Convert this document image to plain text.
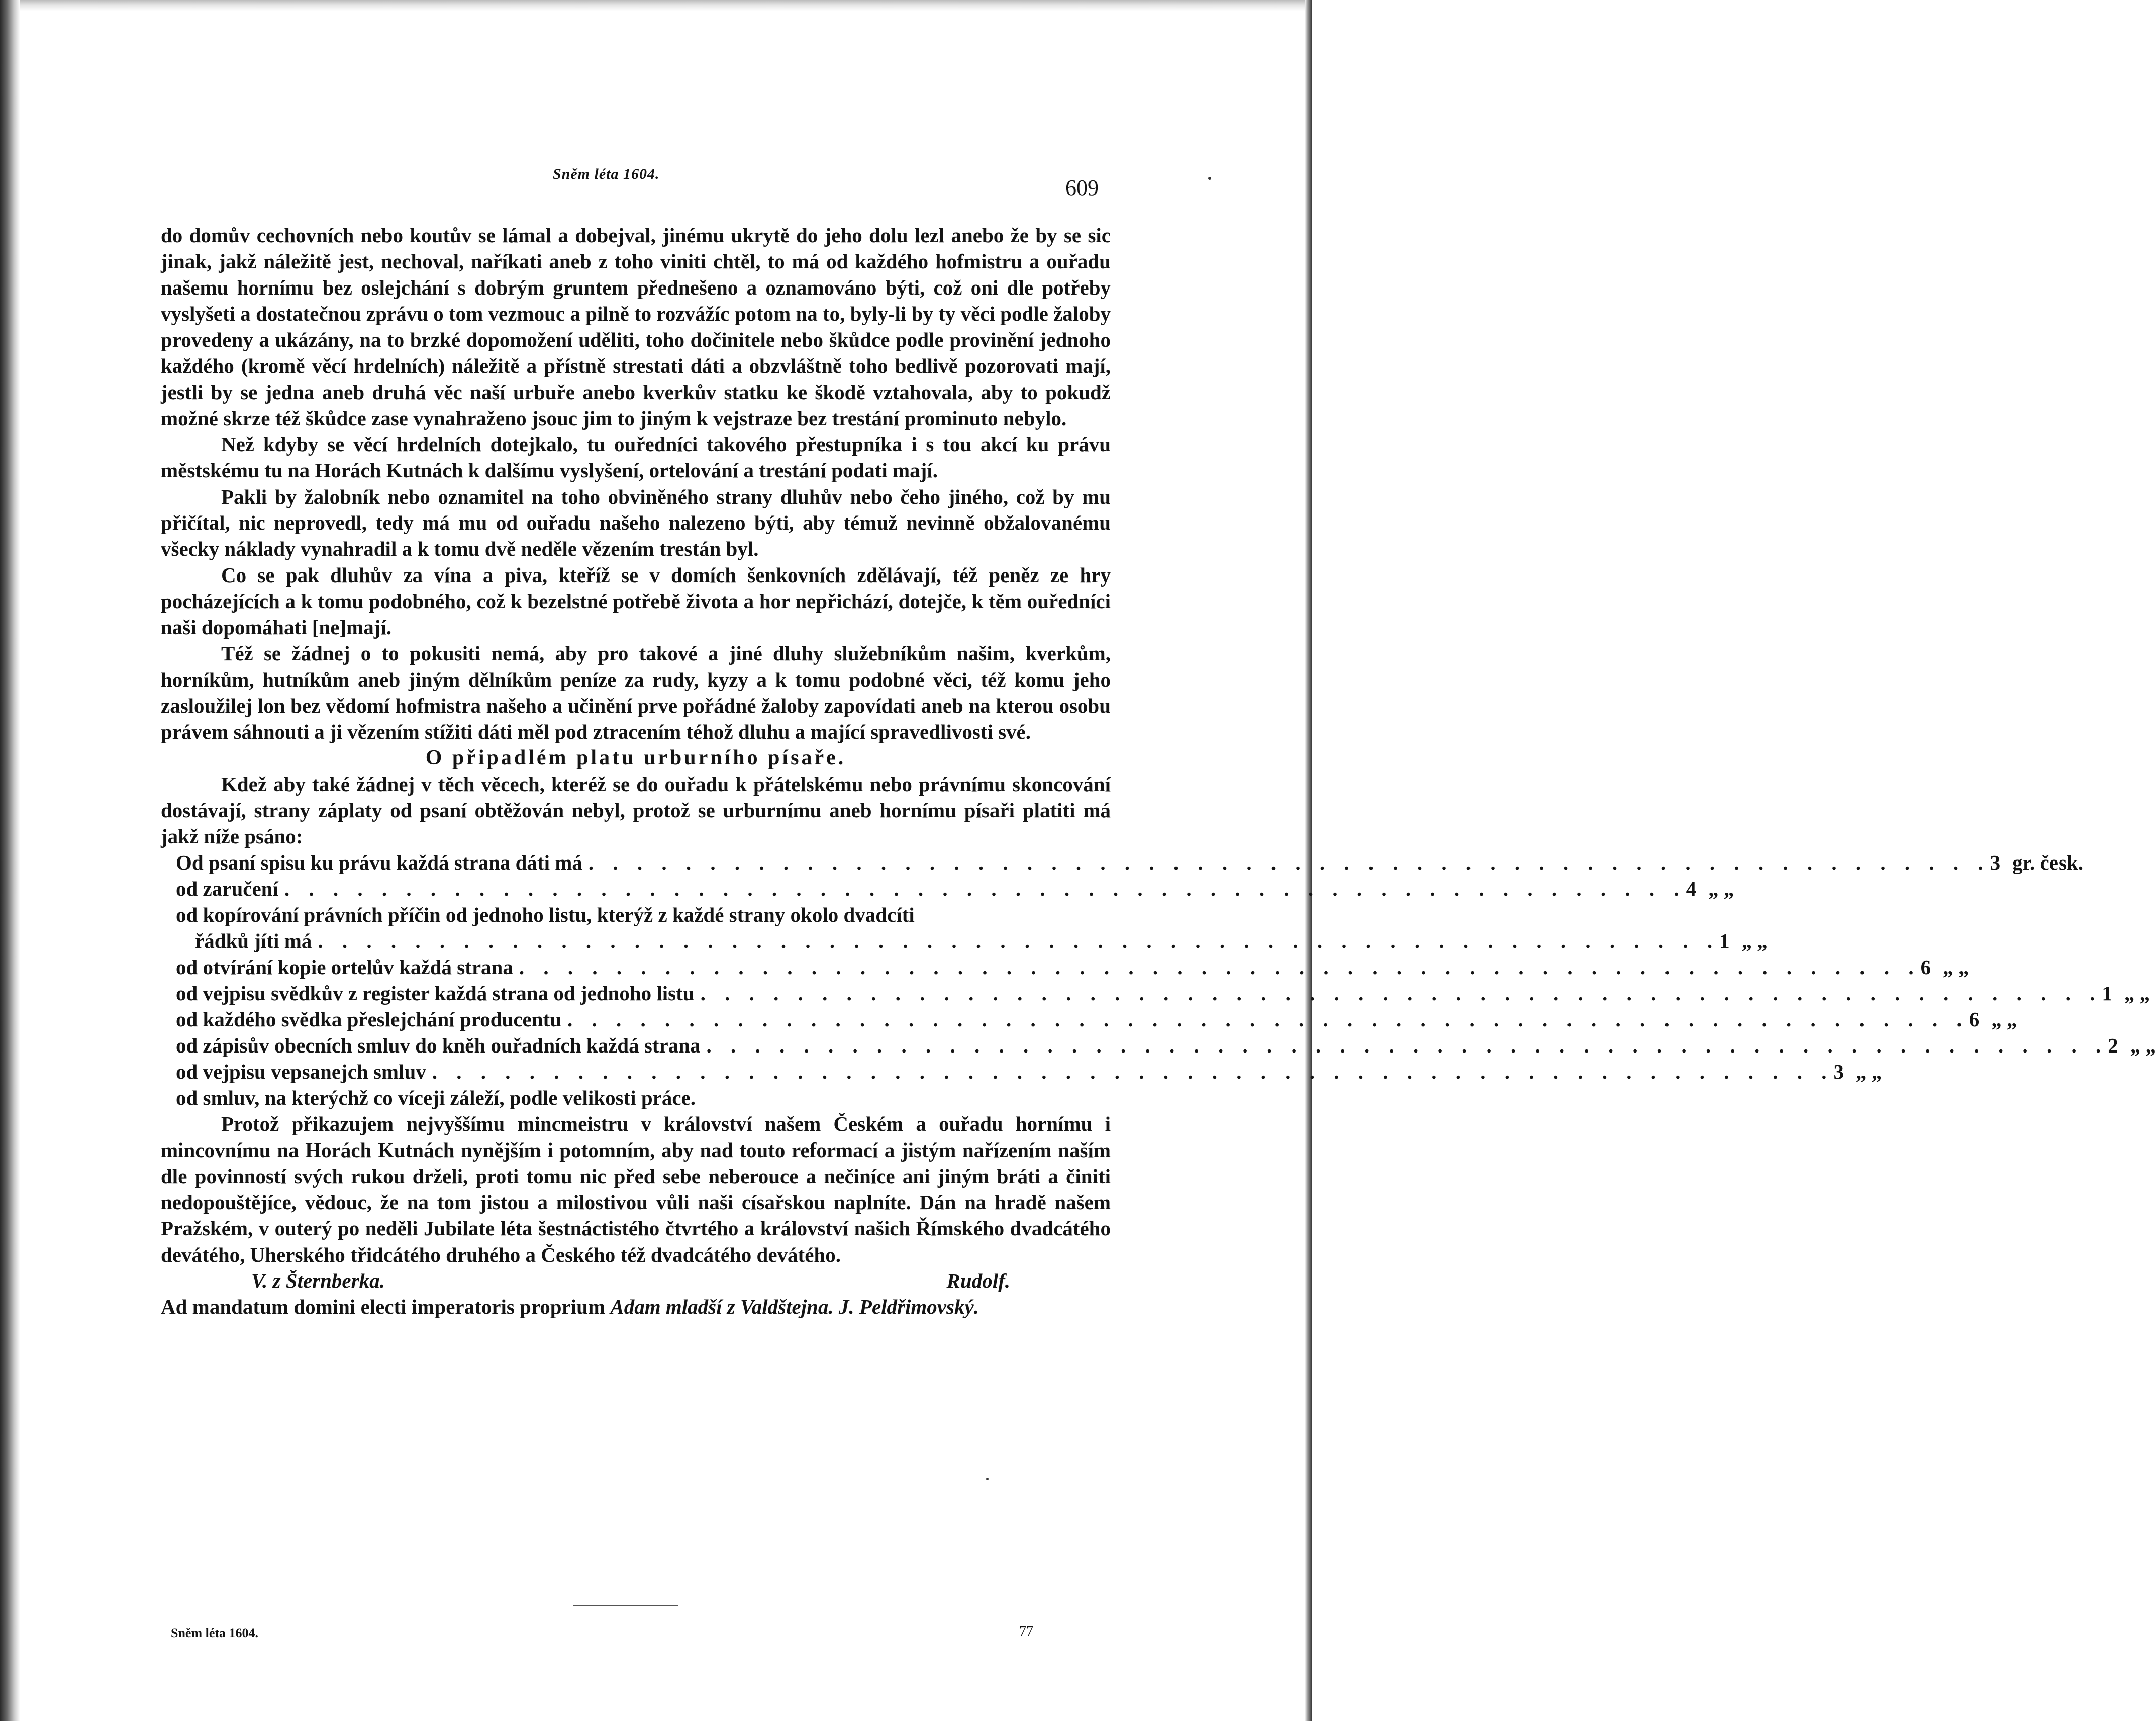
Sněm léta 1604.
609

do domův cechovních nebo koutův se lámal a dobejval, jinému ukrytě do jeho dolu lezl anebo že by se sic jinak, jakž náležitě jest, nechoval, naříkati aneb z toho viniti chtěl, to má od každého hofmistru a ouřadu našemu hornímu bez oslejchání s dobrým gruntem přednešeno a oznamováno býti, což oni dle potřeby vyslyšeti a dostatečnou zprávu o tom vezmouc a pilně to rozvážíc potom na to, byly-li by ty věci podle žaloby provedeny a ukázány, na to brzké dopomožení uděliti, toho dočinitele nebo škůdce podle provinění jednoho každého (kromě věcí hrdelních) náležitě a přístně strestati dáti a obzvláštně toho bedlivě pozorovati mají, jestli by se jedna aneb druhá věc naší urbuře anebo kverkův statku ke škodě vztahovala, aby to pokudž možné skrze též škůdce zase vynahraženo jsouc jim to jiným k vejstraze bez trestání prominuto nebylo.

Než kdyby se věcí hrdelních dotejkalo, tu ouředníci takového přestupníka i s tou akcí ku právu městskému tu na Horách Kutnách k dalšímu vyslyšení, ortelování a trestání podati mají.

Pakli by žalobník nebo oznamitel na toho obviněného strany dluhův nebo čeho jiného, což by mu přičítal, nic neprovedl, tedy má mu od ouřadu našeho nalezeno býti, aby témuž nevinně obžalovanému všecky náklady vynahradil a k tomu dvě neděle vězením trestán byl.

Co se pak dluhův za vína a piva, kteříž se v domích šenkovních zdělávají, též peněz ze hry pocházejících a k tomu podobného, což k bezelstné potřebě života a hor nepřichází, dotejče, k těm ouředníci naši dopomáhati [ne]mají.

Též se žádnej o to pokusiti nemá, aby pro takové a jiné dluhy služebníkům našim, kverkům, horníkům, hutníkům aneb jiným dělníkům peníze za rudy, kyzy a k tomu podobné věci, též komu jeho zasloužilej lon bez vědomí hofmistra našeho a učinění prve pořádné žaloby zapovídati aneb na kterou osobu právem sáhnouti a ji vězením stížiti dáti měl pod ztracením téhož dluhu a mající spravedlivosti své.

O připadlém platu urburního písaře.

Kdež aby také žádnej v těch věcech, kteréž se do ouřadu k přátelskému nebo právnímu skoncování dostávají, strany záplaty od psaní obtěžován nebyl, protož se urburnímu aneb hornímu písaři platiti má jakž níže psáno:

Od psaní spisu ku právu každá strana dáti má . . . . . . . . . . . . . . . . . . . . . . . . . . . . . . . . . . . . . . . . . . . . . . . . . . . . . . . . . . 3 gr. česk.
od zaručení . . . . . . . . . . . . . . . . . . . . . . . . . . . . . . . . . . . . . . . . . . . . . . . . . . . . . . . . . . 4 „ „
od kopírování právních příčin od jednoho listu, kterýž z každé strany okolo dvadcíti
řádků jíti má . . . . . . . . . . . . . . . . . . . . . . . . . . . . . . . . . . . . . . . . . . . . . . . . . . . . . . . . . . 1 „ „
od otvírání kopie ortelův každá strana . . . . . . . . . . . . . . . . . . . . . . . . . . . . . . . . . . . . . . . . . . . . . . . . . . . . . . . . . . 6 „ „
od vejpisu svědkův z register každá strana od jednoho listu . . . . . . . . . . . . . . . . . . . . . . . . . . . . . . . . . . . . . . . . . . . . . . . . . . . . . . . . . . 1 „ „
od každého svědka přeslejchání producentu . . . . . . . . . . . . . . . . . . . . . . . . . . . . . . . . . . . . . . . . . . . . . . . . . . . . . . . . . . 6 „ „
od zápisův obecních smluv do kněh ouřadních každá strana . . . . . . . . . . . . . . . . . . . . . . . . . . . . . . . . . . . . . . . . . . . . . . . . . . . . . . . . . . 2 „ „
od vejpisu vepsanejch smluv . . . . . . . . . . . . . . . . . . . . . . . . . . . . . . . . . . . . . . . . . . . . . . . . . . . . . . . . . . 3 „ „
od smluv, na kterýchž co víceji záleží, podle velikosti práce.

Protož přikazujem nejvyššímu mincmeistru v království našem Českém a ouřadu hornímu i mincovnímu na Horách Kutnách nynějším i potomním, aby nad touto reformací a jistým nařízením naším dle povinností svých rukou drželi, proti tomu nic před sebe neberouce a nečiníce ani jiným bráti a činiti nedopouštějíce, vědouc, že na tom jistou a milostivou vůli naši císařskou naplníte. Dán na hradě našem Pražském, v outerý po neděli Jubilate léta šestnáctistého čtvrtého a království našich Římského dvadcátého devátého, Uherského třidcátého druhého a Českého též dvadcátého devátého.

V. z Šternberka.	Rudolf.

Ad mandatum domini electi imperatoris proprium Adam mladší z Valdštejna. J. Peldřimovský.

Sněm léta 1604.	77
